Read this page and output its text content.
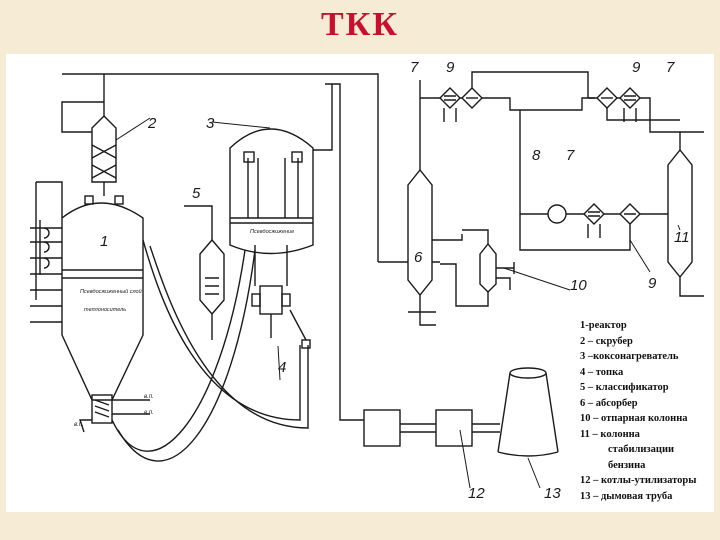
ТКК
Псевдосжиженный слой
теплоноситель
Псевдосжижение
1
2	3
4
5
6
7	7
7
8
9	9
9
10
11
12	13
в.п.
в.п.
в.п.
1-реактор
2 – скрубер
3 –коксонагреватель
4 – топка
5 – классификатор
6 – абсорбер
10 – отпарная колонна
11 – колонна
стабилизации
бензина
12 – котлы-утилизаторы
13 – дымовая труба
